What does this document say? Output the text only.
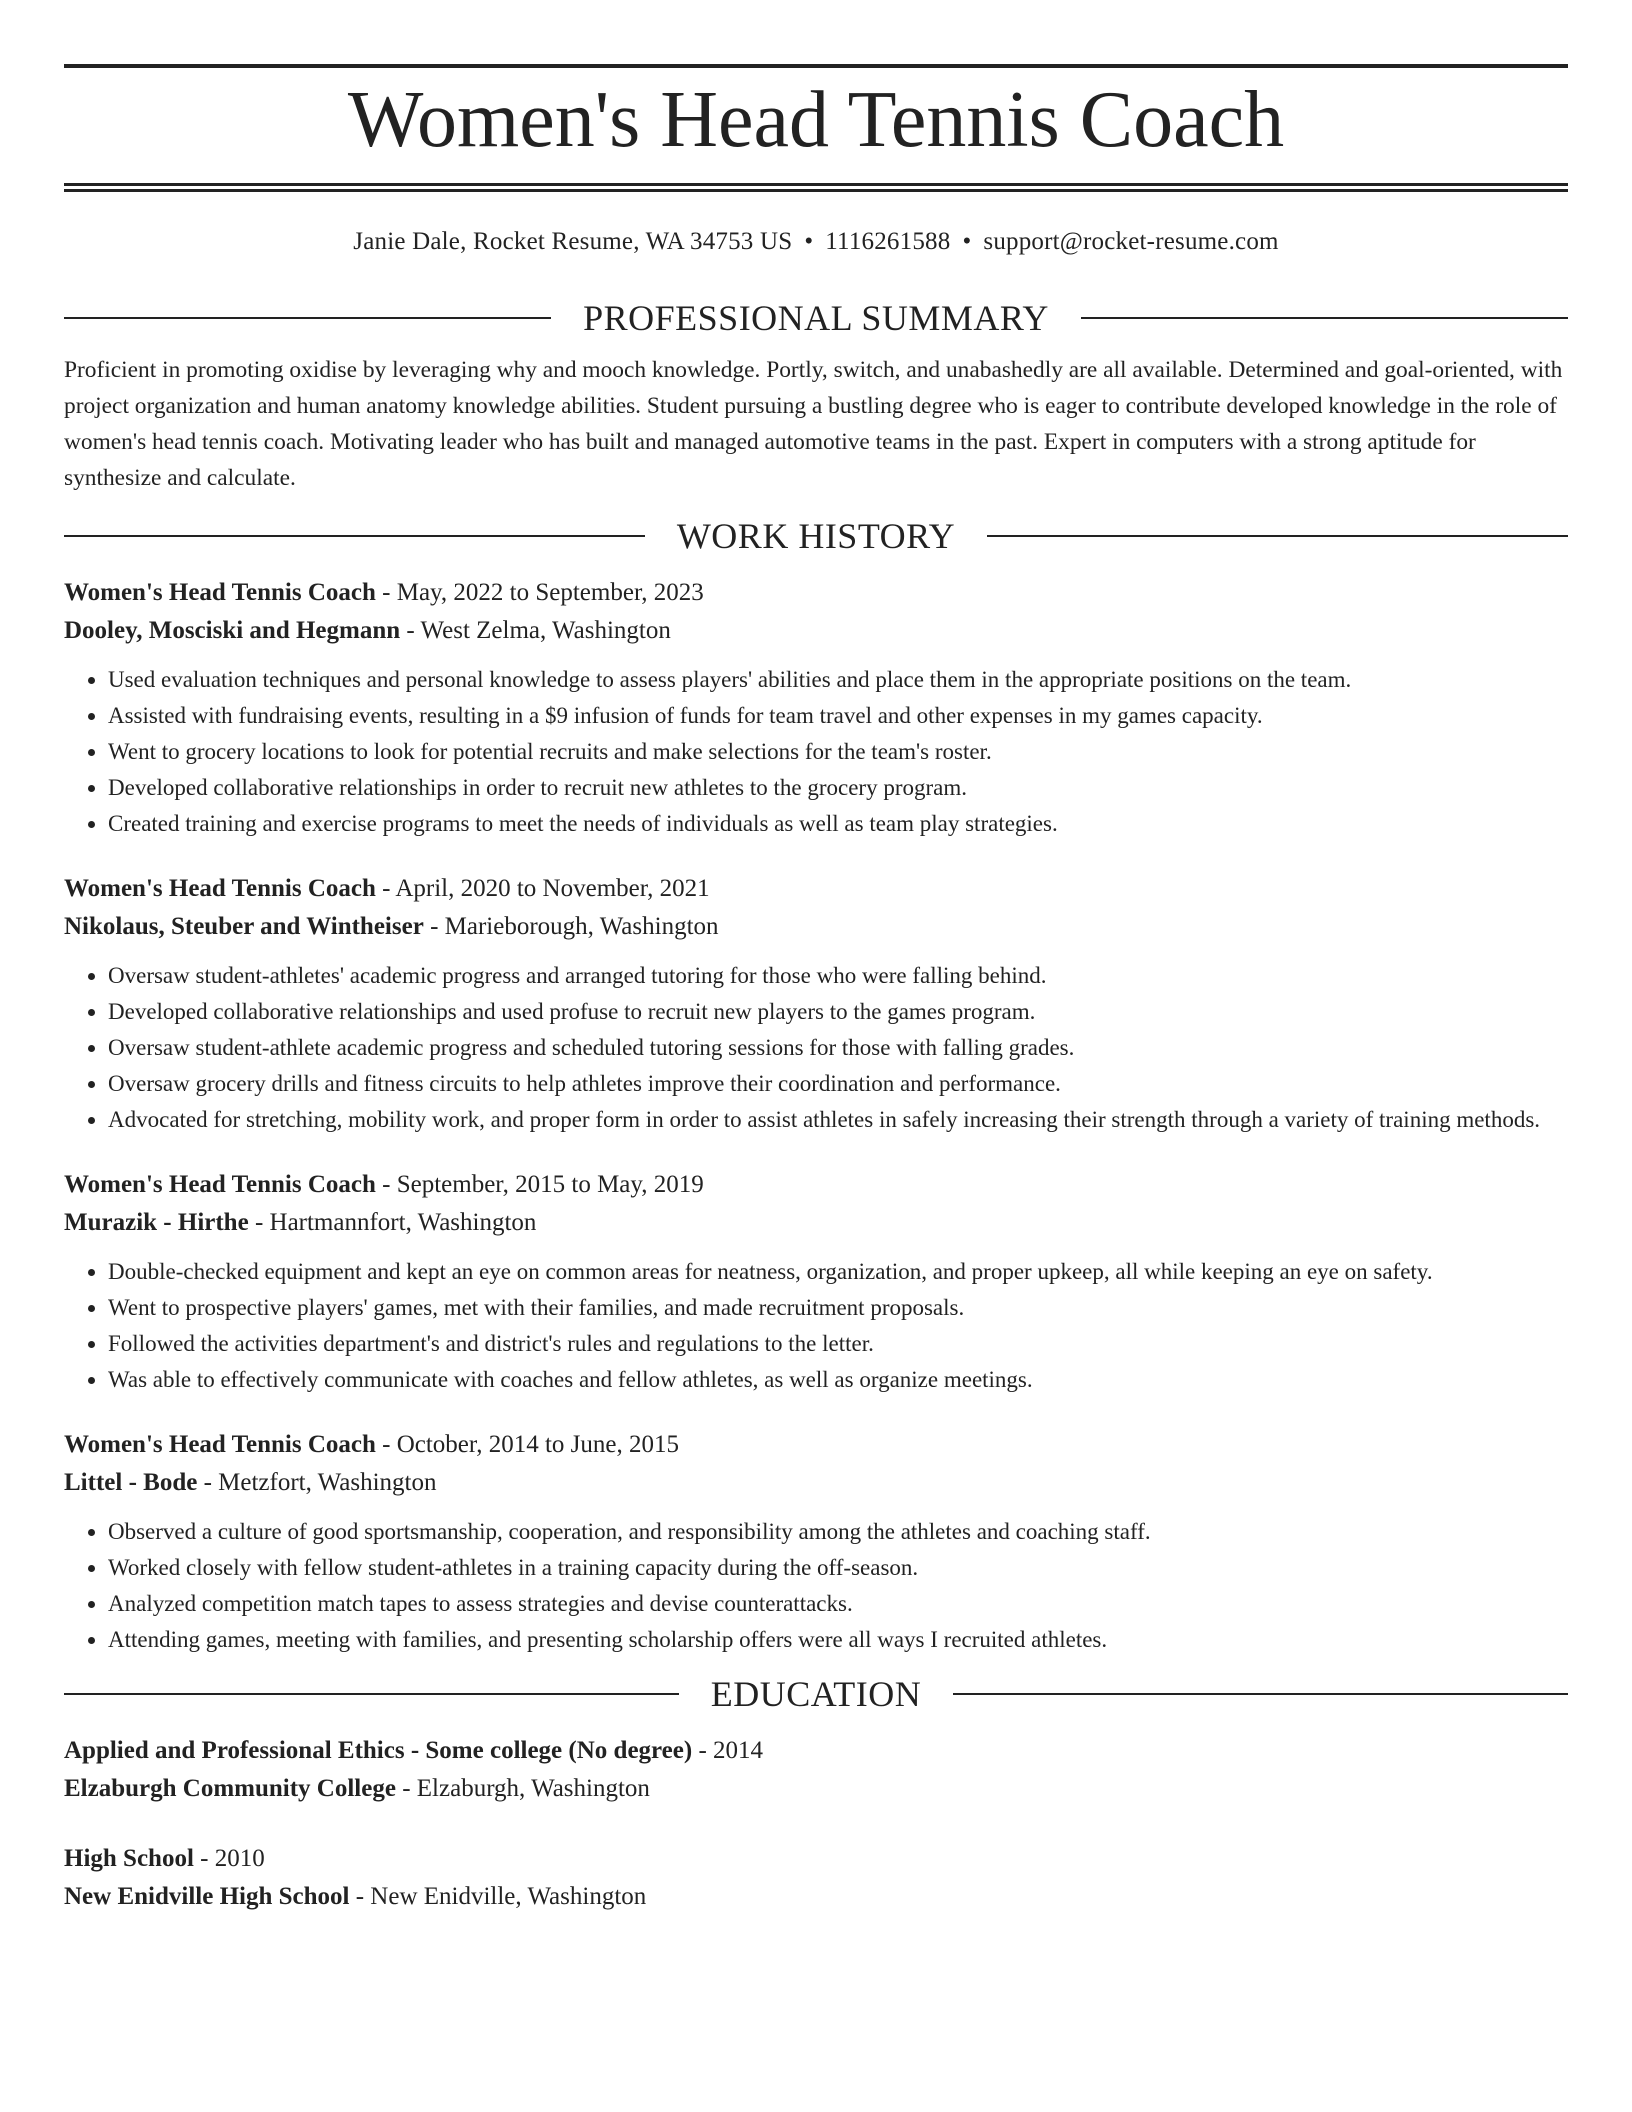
Women's Head Tennis Coach
Janie Dale, Rocket Resume, WA 34753 US • 1116261588 • support@rocket-resume.com
PROFESSIONAL SUMMARY

Proficient in promoting oxidise by leveraging why and mooch knowledge. Portly, switch, and unabashedly are all available. Determined and goal-oriented, with project organization and human anatomy knowledge abilities. Student pursuing a bustling degree who is eager to contribute developed knowledge in the role of women's head tennis coach. Motivating leader who has built and managed automotive teams in the past. Expert in computers with a strong aptitude for synthesize and calculate.

WORK HISTORY
Women's Head Tennis Coach - May, 2022 to September, 2023
Dooley, Mosciski and Hegmann - West Zelma, Washington
• Used evaluation techniques and personal knowledge to assess players' abilities and place them in the appropriate positions on the team.
• Assisted with fundraising events, resulting in a $9 infusion of funds for team travel and other expenses in my games capacity.
• Went to grocery locations to look for potential recruits and make selections for the team's roster.
• Developed collaborative relationships in order to recruit new athletes to the grocery program.
• Created training and exercise programs to meet the needs of individuals as well as team play strategies.
Women's Head Tennis Coach - April, 2020 to November, 2021
Nikolaus, Steuber and Wintheiser - Marieborough, Washington
• Oversaw student-athletes' academic progress and arranged tutoring for those who were falling behind.
• Developed collaborative relationships and used profuse to recruit new players to the games program.
• Oversaw student-athlete academic progress and scheduled tutoring sessions for those with falling grades.
• Oversaw grocery drills and fitness circuits to help athletes improve their coordination and performance.
• Advocated for stretching, mobility work, and proper form in order to assist athletes in safely increasing their strength through a variety of training methods.
Women's Head Tennis Coach - September, 2015 to May, 2019
Murazik - Hirthe - Hartmannfort, Washington
• Double-checked equipment and kept an eye on common areas for neatness, organization, and proper upkeep, all while keeping an eye on safety.
• Went to prospective players' games, met with their families, and made recruitment proposals.
• Followed the activities department's and district's rules and regulations to the letter.
• Was able to effectively communicate with coaches and fellow athletes, as well as organize meetings.
Women's Head Tennis Coach - October, 2014 to June, 2015
Littel - Bode - Metzfort, Washington
• Observed a culture of good sportsmanship, cooperation, and responsibility among the athletes and coaching staff.
• Worked closely with fellow student-athletes in a training capacity during the off-season.
• Analyzed competition match tapes to assess strategies and devise counterattacks.
• Attending games, meeting with families, and presenting scholarship offers were all ways I recruited athletes.
EDUCATION
Applied and Professional Ethics - Some college (No degree) - 2014
Elzaburgh Community College - Elzaburgh, Washington
High School - 2010
New Enidville High School - New Enidville, Washington
